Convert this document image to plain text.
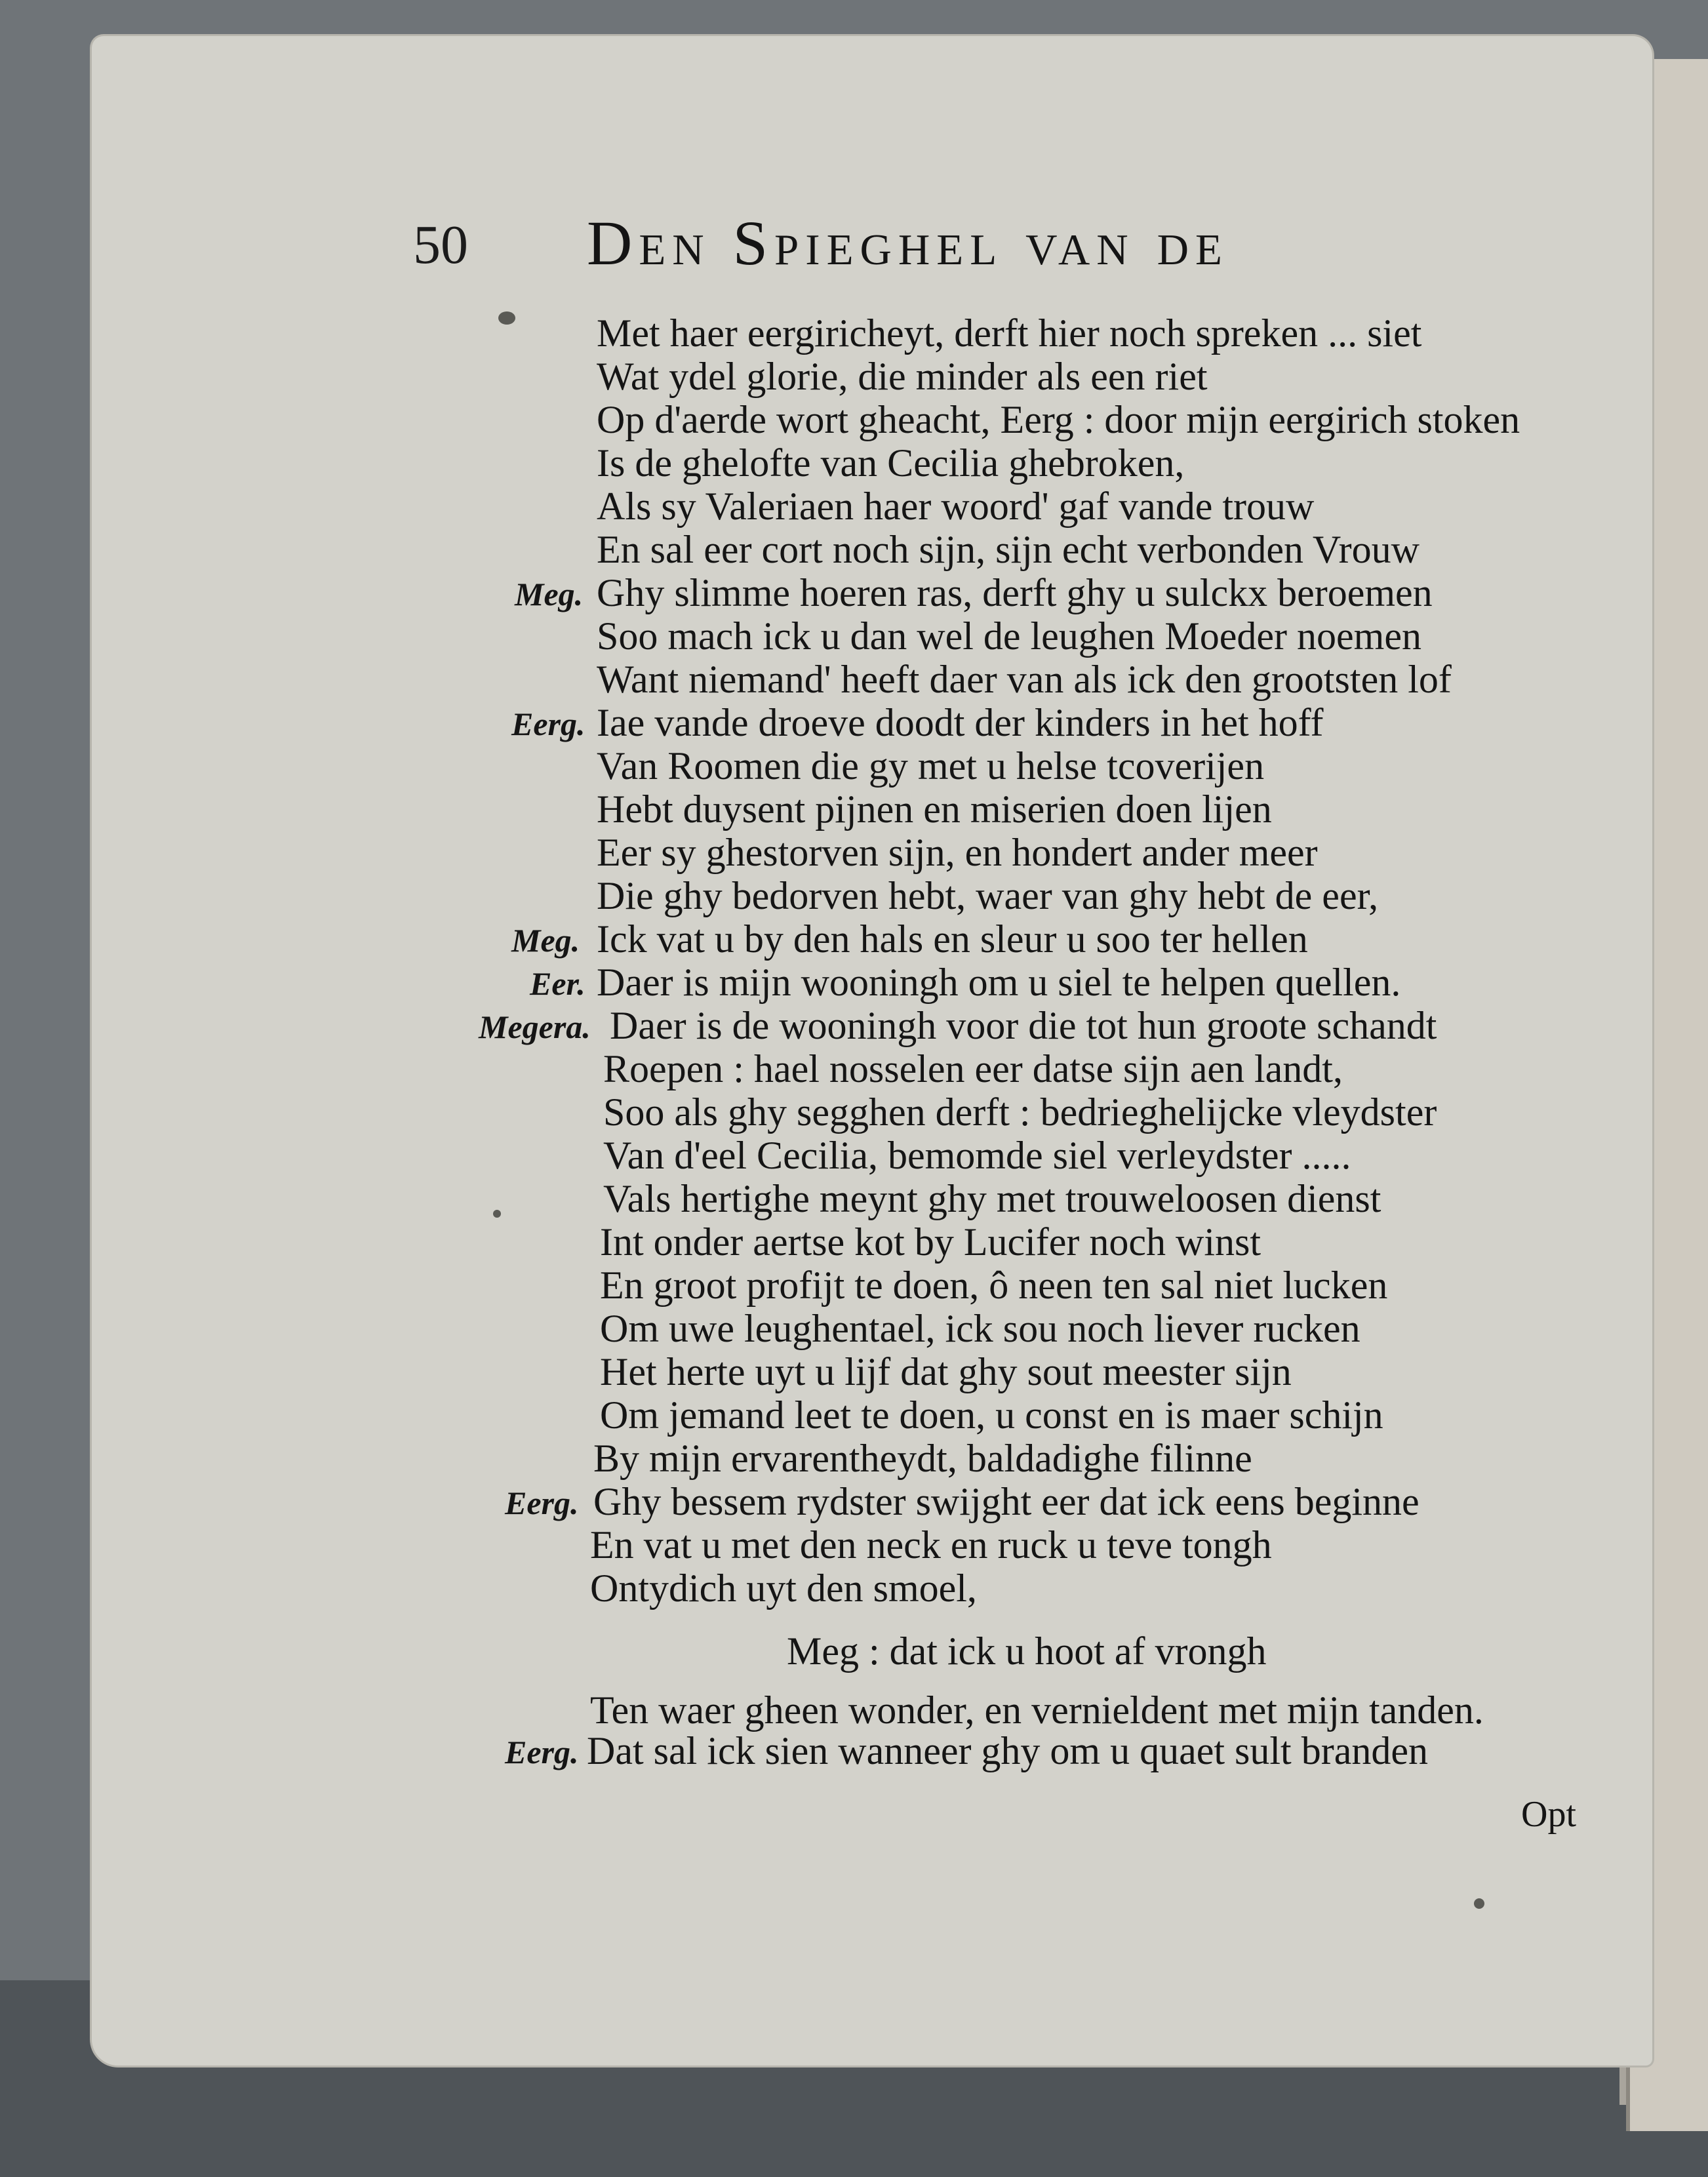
50 Den Spieghel van de
Met haer eergiricheyt, derft hier noch spreken ... siet
Wat ydel glorie, die minder als een riet
Op d'aerde wort gheacht, Eerg : door mijn eergirich stoken
Is de ghelofte van Cecilia ghebroken,
Als sy Valeriaen haer woord' gaf vande trouw
En sal eer cort noch sijn, sijn echt verbonden Vrouw
Meg. Ghy slimme hoeren ras, derft ghy u sulckx beroemen
Soo mach ick u dan wel de leughen Moeder noemen
Want niemand' heeft daer van als ick den grootsten lof
Eerg. Iae vande droeve doodt der kinders in het hoff
Van Roomen die gy met u helse tcoverijen
Hebt duysent pijnen en miserien doen lijen
Eer sy ghestorven sijn, en hondert ander meer
Die ghy bedorven hebt, waer van ghy hebt de eer,
Meg. Ick vat u by den hals en sleur u soo ter hellen
Eer. Daer is mijn wooningh om u siel te helpen quellen.
Megera. Daer is de wooningh voor die tot hun groote schandt
Roepen : hael nosselen eer datse sijn aen landt,
Soo als ghy segghen derft : bedrieghelijcke vleydster
Van d'eel Cecilia, bemomde siel verleydster .....
Vals hertighe meynt ghy met trouweloosen dienst
Int onder aertse kot by Lucifer noch winst
En groot profijt te doen, ô neen ten sal niet lucken
Om uwe leughentael, ick sou noch liever rucken
Het herte uyt u lijf dat ghy sout meester sijn
Om jemand leet te doen, u const en is maer schijn
By mijn ervarentheydt, baldadighe filinne
Eerg. Ghy bessem rydster swijght eer dat ick eens beginne
En vat u met den neck en ruck u teve tongh
Ontydich uyt den smoel,
Meg : dat ick u hoot af vrongh
Ten waer gheen wonder, en vernieldent met mijn tanden.
Eerg. Dat sal ick sien wanneer ghy om u quaet sult branden
Opt
